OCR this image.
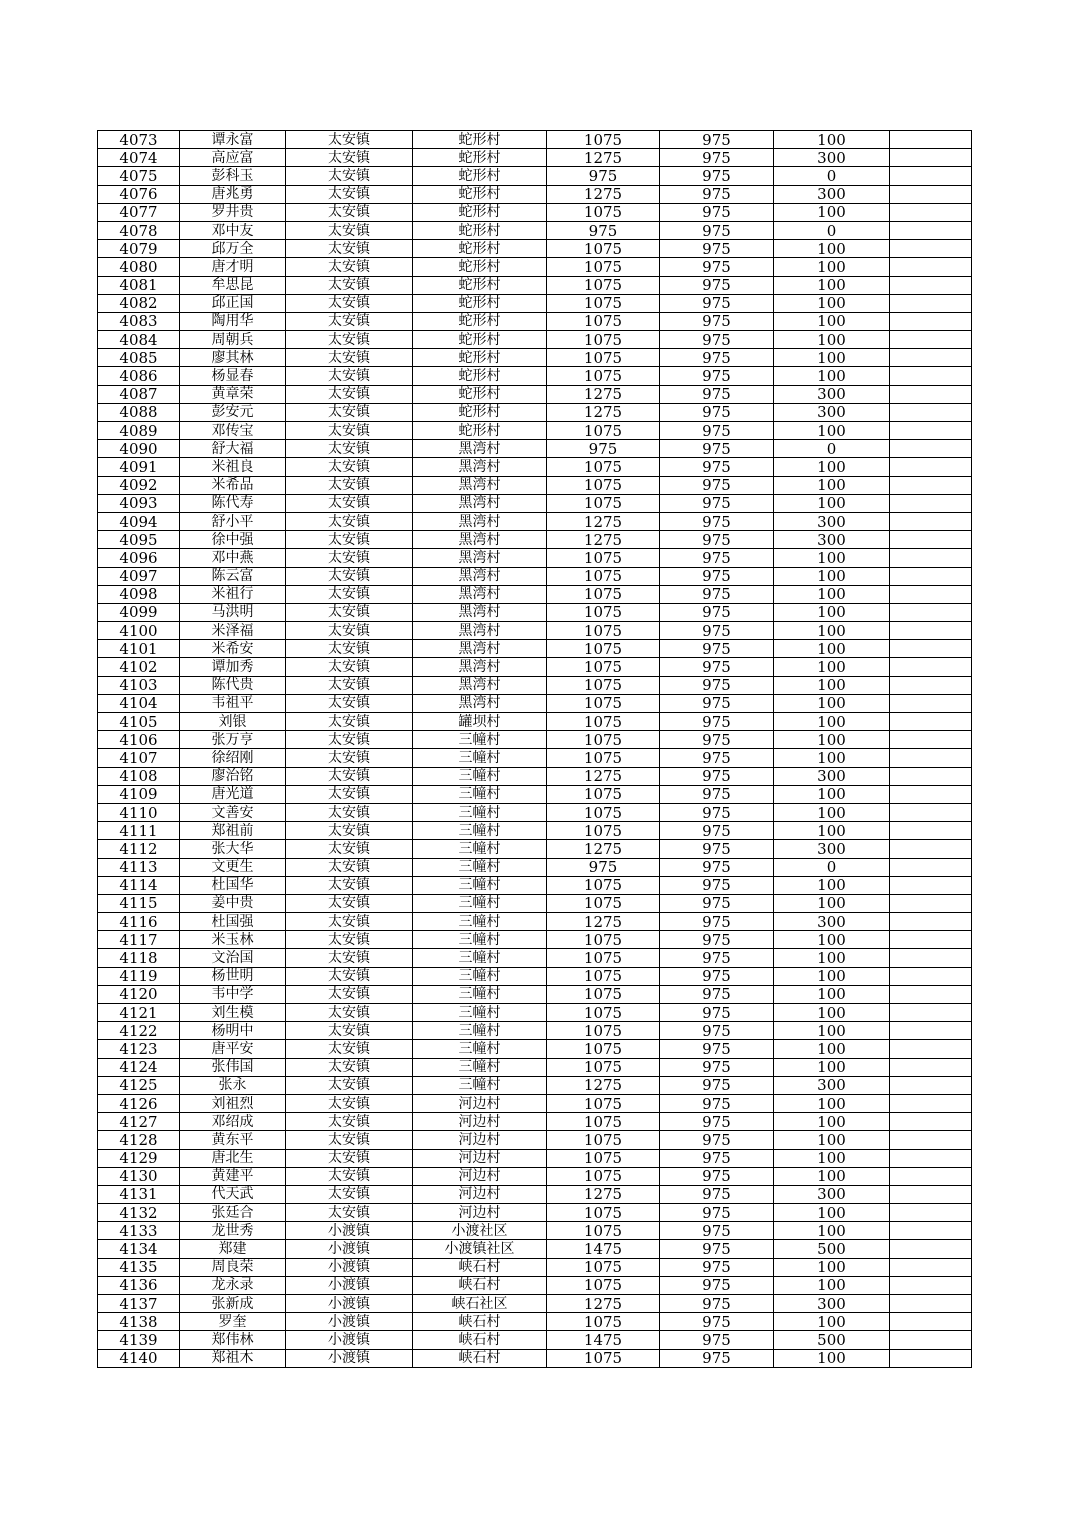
4073	谭永富	太安镇	蛇形村	1075	975	100	
4074	高应富	太安镇	蛇形村	1275	975	300	
4075	彭科玉	太安镇	蛇形村	975	975	0	
4076	唐兆勇	太安镇	蛇形村	1275	975	300	
4077	罗井贵	太安镇	蛇形村	1075	975	100	
4078	邓中友	太安镇	蛇形村	975	975	0	
4079	邱万全	太安镇	蛇形村	1075	975	100	
4080	唐才明	太安镇	蛇形村	1075	975	100	
4081	牟思昆	太安镇	蛇形村	1075	975	100	
4082	邱正国	太安镇	蛇形村	1075	975	100	
4083	陶用华	太安镇	蛇形村	1075	975	100	
4084	周朝兵	太安镇	蛇形村	1075	975	100	
4085	廖其林	太安镇	蛇形村	1075	975	100	
4086	杨显春	太安镇	蛇形村	1075	975	100	
4087	黄章荣	太安镇	蛇形村	1275	975	300	
4088	彭安元	太安镇	蛇形村	1275	975	300	
4089	邓传宝	太安镇	蛇形村	1075	975	100	
4090	舒大福	太安镇	黑湾村	975	975	0	
4091	米祖良	太安镇	黑湾村	1075	975	100	
4092	米希品	太安镇	黑湾村	1075	975	100	
4093	陈代寿	太安镇	黑湾村	1075	975	100	
4094	舒小平	太安镇	黑湾村	1275	975	300	
4095	徐中强	太安镇	黑湾村	1275	975	300	
4096	邓中燕	太安镇	黑湾村	1075	975	100	
4097	陈云富	太安镇	黑湾村	1075	975	100	
4098	米祖行	太安镇	黑湾村	1075	975	100	
4099	马洪明	太安镇	黑湾村	1075	975	100	
4100	米泽福	太安镇	黑湾村	1075	975	100	
4101	米希安	太安镇	黑湾村	1075	975	100	
4102	谭加秀	太安镇	黑湾村	1075	975	100	
4103	陈代贵	太安镇	黑湾村	1075	975	100	
4104	韦祖平	太安镇	黑湾村	1075	975	100	
4105	刘银	太安镇	罐坝村	1075	975	100	
4106	张万亨	太安镇	三幢村	1075	975	100	
4107	徐绍刚	太安镇	三幢村	1075	975	100	
4108	廖治铭	太安镇	三幢村	1275	975	300	
4109	唐光道	太安镇	三幢村	1075	975	100	
4110	文善安	太安镇	三幢村	1075	975	100	
4111	郑祖前	太安镇	三幢村	1075	975	100	
4112	张大华	太安镇	三幢村	1275	975	300	
4113	文更生	太安镇	三幢村	975	975	0	
4114	杜国华	太安镇	三幢村	1075	975	100	
4115	姜中贵	太安镇	三幢村	1075	975	100	
4116	杜国强	太安镇	三幢村	1275	975	300	
4117	米玉林	太安镇	三幢村	1075	975	100	
4118	文治国	太安镇	三幢村	1075	975	100	
4119	杨世明	太安镇	三幢村	1075	975	100	
4120	韦中学	太安镇	三幢村	1075	975	100	
4121	刘生模	太安镇	三幢村	1075	975	100	
4122	杨明中	太安镇	三幢村	1075	975	100	
4123	唐平安	太安镇	三幢村	1075	975	100	
4124	张伟国	太安镇	三幢村	1075	975	100	
4125	张永	太安镇	三幢村	1275	975	300	
4126	刘祖烈	太安镇	河边村	1075	975	100	
4127	邓绍成	太安镇	河边村	1075	975	100	
4128	黄东平	太安镇	河边村	1075	975	100	
4129	唐北生	太安镇	河边村	1075	975	100	
4130	黄建平	太安镇	河边村	1075	975	100	
4131	代天武	太安镇	河边村	1275	975	300	
4132	张廷合	太安镇	河边村	1075	975	100	
4133	龙世秀	小渡镇	小渡社区	1075	975	100	
4134	郑建	小渡镇	小渡镇社区	1475	975	500	
4135	周良荣	小渡镇	峡石村	1075	975	100	
4136	龙永录	小渡镇	峡石村	1075	975	100	
4137	张新成	小渡镇	峡石社区	1275	975	300	
4138	罗奎	小渡镇	峡石村	1075	975	100	
4139	郑伟林	小渡镇	峡石村	1475	975	500	
4140	郑祖木	小渡镇	峡石村	1075	975	100	
